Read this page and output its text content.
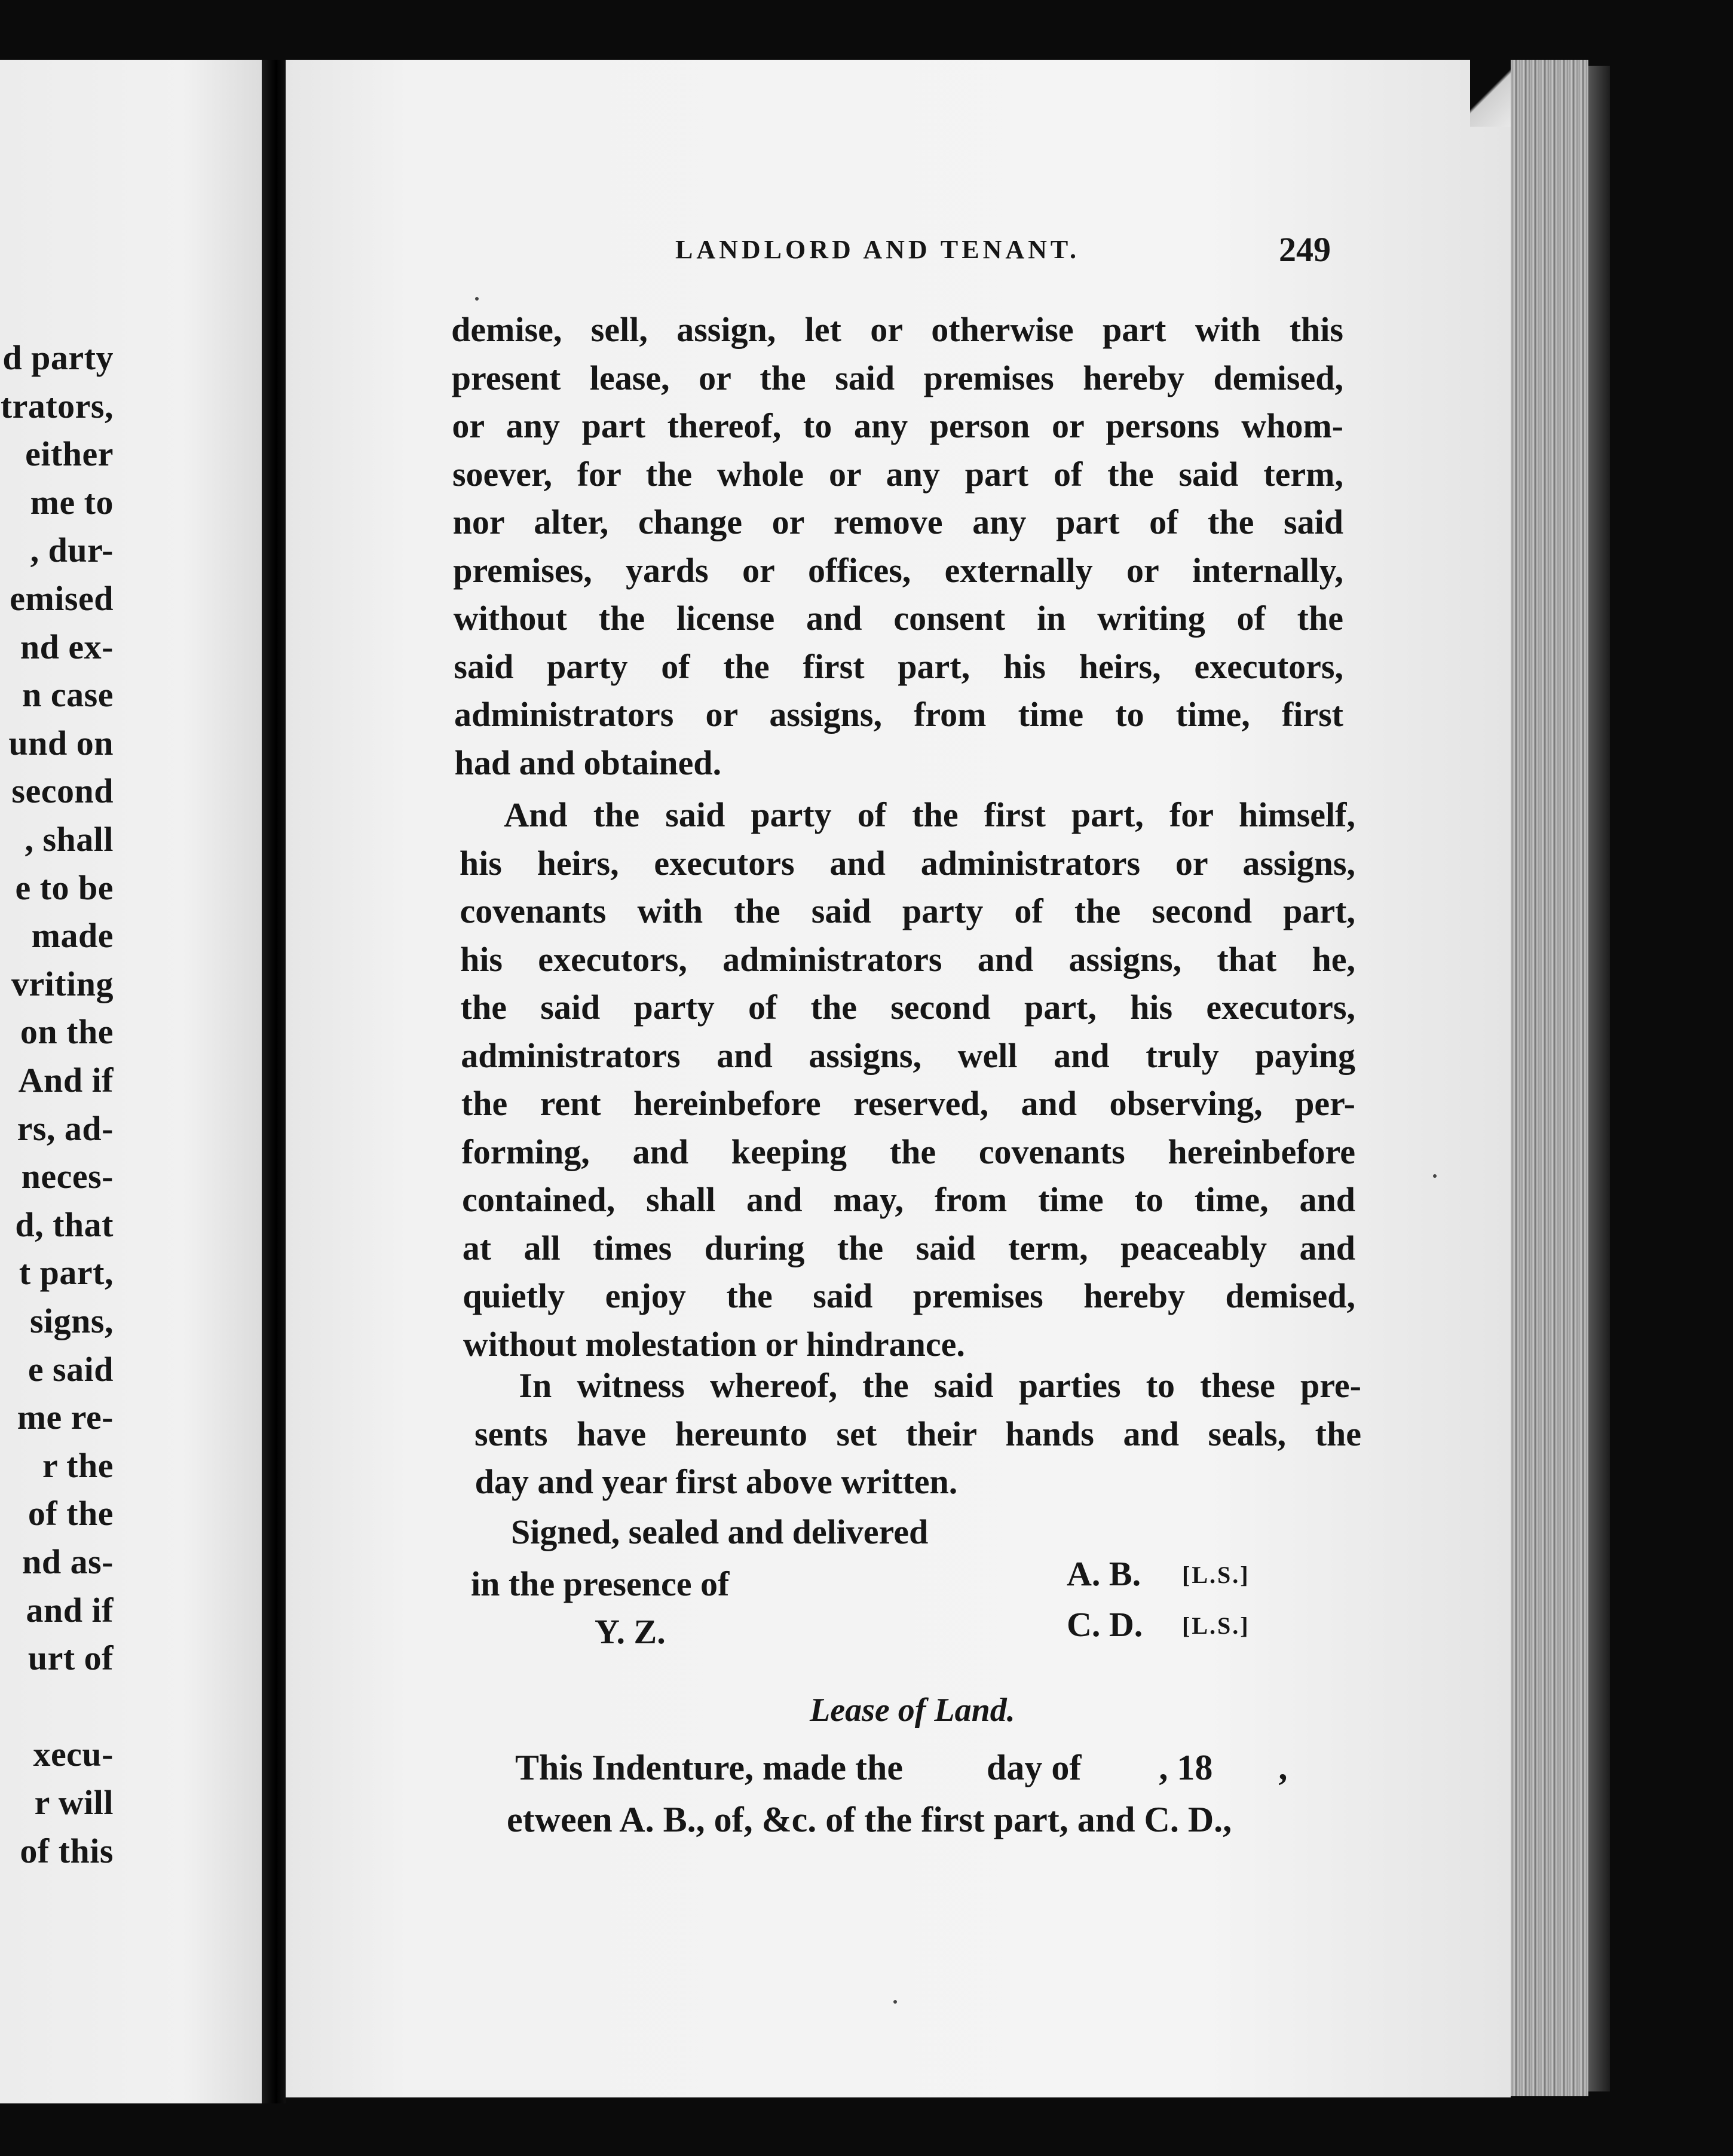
d party
trators,
either
me to
, dur-
emised
nd ex-
n case
und on
second
, shall
e to be
made
vriting
on the
And if
rs, ad-
neces-
d, that
t part,
signs,
e said
me re-
r the
of the
nd as-
and if
urt of
xecu-
r will
of this
LANDLORD AND TENANT.	249
demise, sell, assign, let or otherwise part with this
present lease, or the said premises hereby demised,
or any part thereof, to any person or persons whom-
soever, for the whole or any part of the said term,
nor alter, change or remove any part of the said
premises, yards or offices, externally or internally,
without the license and consent in writing of the
said party of the first part, his heirs, executors,
administrators or assigns, from time to time, first
had and obtained.
And the said party of the first part, for himself,
his heirs, executors and administrators or assigns,
covenants with the said party of the second part,
his executors, administrators and assigns, that he,
the said party of the second part, his executors,
administrators and assigns, well and truly paying
the rent hereinbefore reserved, and observing, per-
forming, and keeping the covenants hereinbefore
contained, shall and may, from time to time, and
at all times during the said term, peaceably and
quietly enjoy the said premises hereby demised,
without molestation or hindrance.
In witness whereof, the said parties to these pre-
sents have hereunto set their hands and seals, the
day and year first above written.
Signed, sealed and delivered
in the presence of
Y. Z.
A. B. [L.S.]
C. D. [L.S.]
Lease of Land.
This Indenture, made the day of , 18 ,
etween A. B., of, &c. of the first part, and C. D.,
